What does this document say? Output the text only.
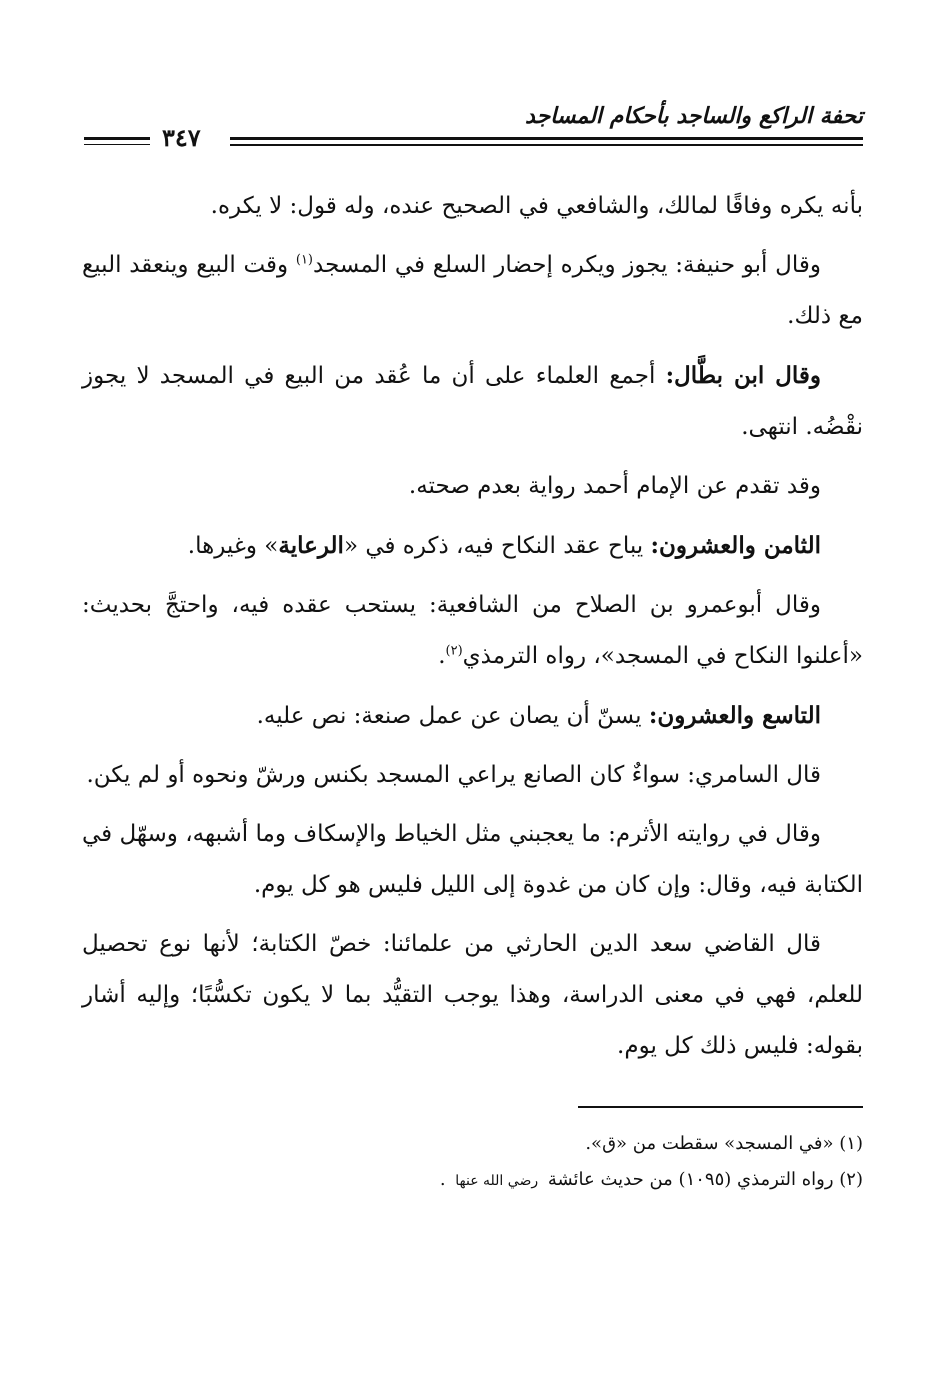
تحفة الراكع والساجد بأحكام المساجد
٣٤٧

بأنه يكره وفاقًا لمالك، والشافعي في الصحيح عنده، وله قول: لا يكره.

وقال أبو حنيفة: يجوز ويكره إحضار السلع في المسجد$^{(١)}$ وقت البيع وينعقد البيع مع ذلك.

وقال ابن بطَّال: أجمع العلماء على أن ما عُقد من البيع في المسجد لا يجوز نقْضُه. انتهى.

وقد تقدم عن الإمام أحمد رواية بعدم صحته.

الثامن والعشرون: يباح عقد النكاح فيه، ذكره في «الرعاية» وغيرها.

وقال أبوعمرو بن الصلاح من الشافعية: يستحب عقده فيه، واحتجَّ بحديث: «أعلنوا النكاح في المسجد»، رواه الترمذي$^{(٢)}$.

التاسع والعشرون: يسنّ أن يصان عن عمل صنعة: نص عليه.

قال السامري: سواءٌ كان الصانع يراعي المسجد بكنس ورشّ ونحوه أو لم يكن.

وقال في روايته الأثرم: ما يعجبني مثل الخياط والإسكاف وما أشبهه، وسهّل في الكتابة فيه، وقال: وإن كان من غدوة إلى الليل فليس هو كل يوم.

قال القاضي سعد الدين الحارثي من علمائنا: خصّ الكتابة؛ لأنها نوع تحصيل للعلم، فهي في معنى الدراسة، وهذا يوجب التقيُّد بما لا يكون تكسُّبًا؛ وإليه أشار بقوله: فليس ذلك كل يوم.

(١) «في المسجد» سقطت من «ق».

(٢) رواه الترمذي (١٠٩٥) من حديث عائشة رضي الله عنها .
